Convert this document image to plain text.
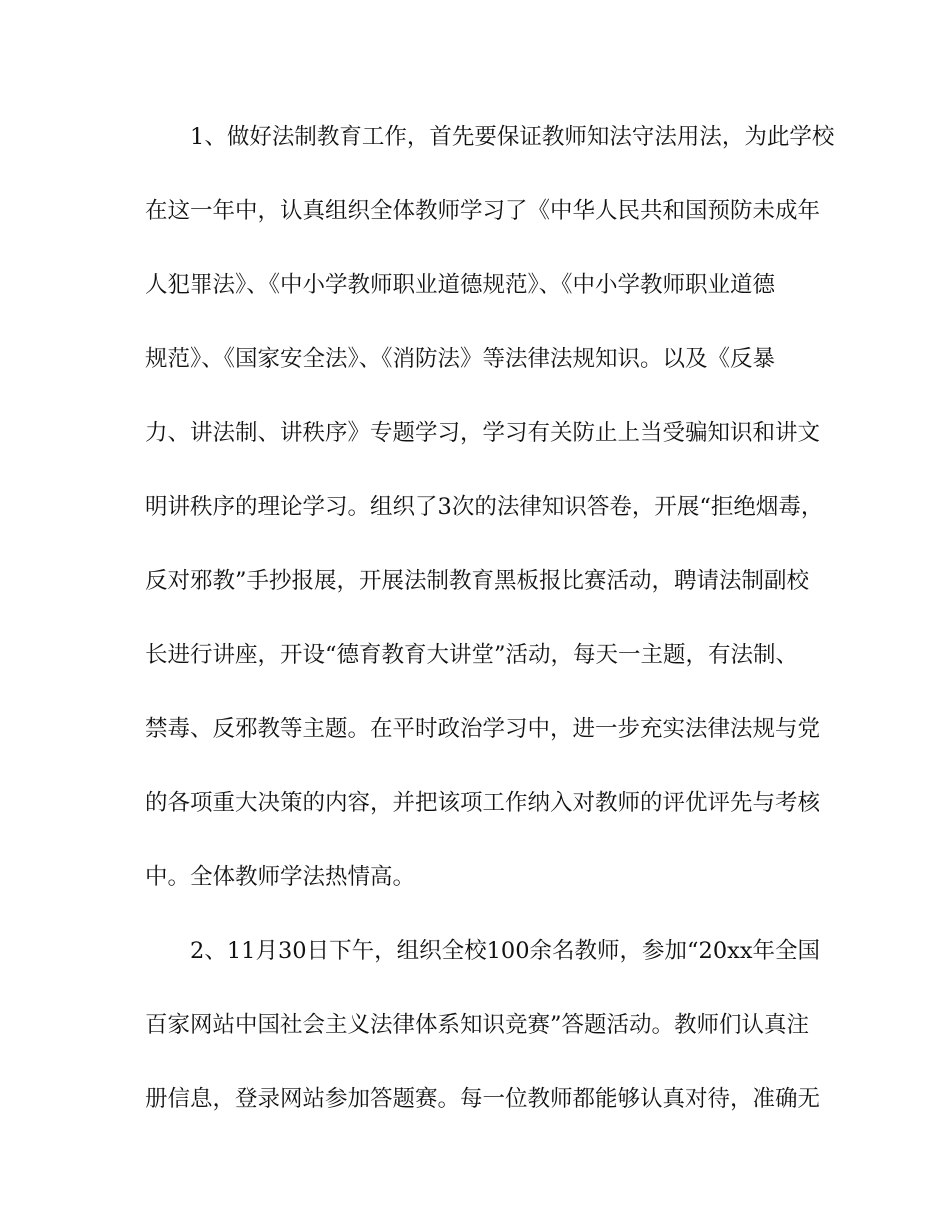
1、做好法制教育工作，首先要保证教师知法守法用法，为此学校
在这一年中，认真组织全体教师学习了《中华人民共和国预防未成年
人犯罪法》、《中小学教师职业道德规范》、《中小学教师职业道德
规范》、《国家安全法》、《消防法》等法律法规知识。以及《反暴
力、讲法制、讲秩序》专题学习，学习有关防止上当受骗知识和讲文
明讲秩序的理论学习。组织了3次的法律知识答卷，开展“拒绝烟毒，
反对邪教”手抄报展，开展法制教育黑板报比赛活动，聘请法制副校
长进行讲座，开设“德育教育大讲堂”活动，每天一主题，有法制、
禁毒、反邪教等主题。在平时政治学习中，进一步充实法律法规与党
的各项重大决策的内容，并把该项工作纳入对教师的评优评先与考核
中。全体教师学法热情高。
2、11月30日下午，组织全校100余名教师，参加“20xx年全国
百家网站中国社会主义法律体系知识竞赛”答题活动。教师们认真注
册信息，登录网站参加答题赛。每一位教师都能够认真对待，准确无
